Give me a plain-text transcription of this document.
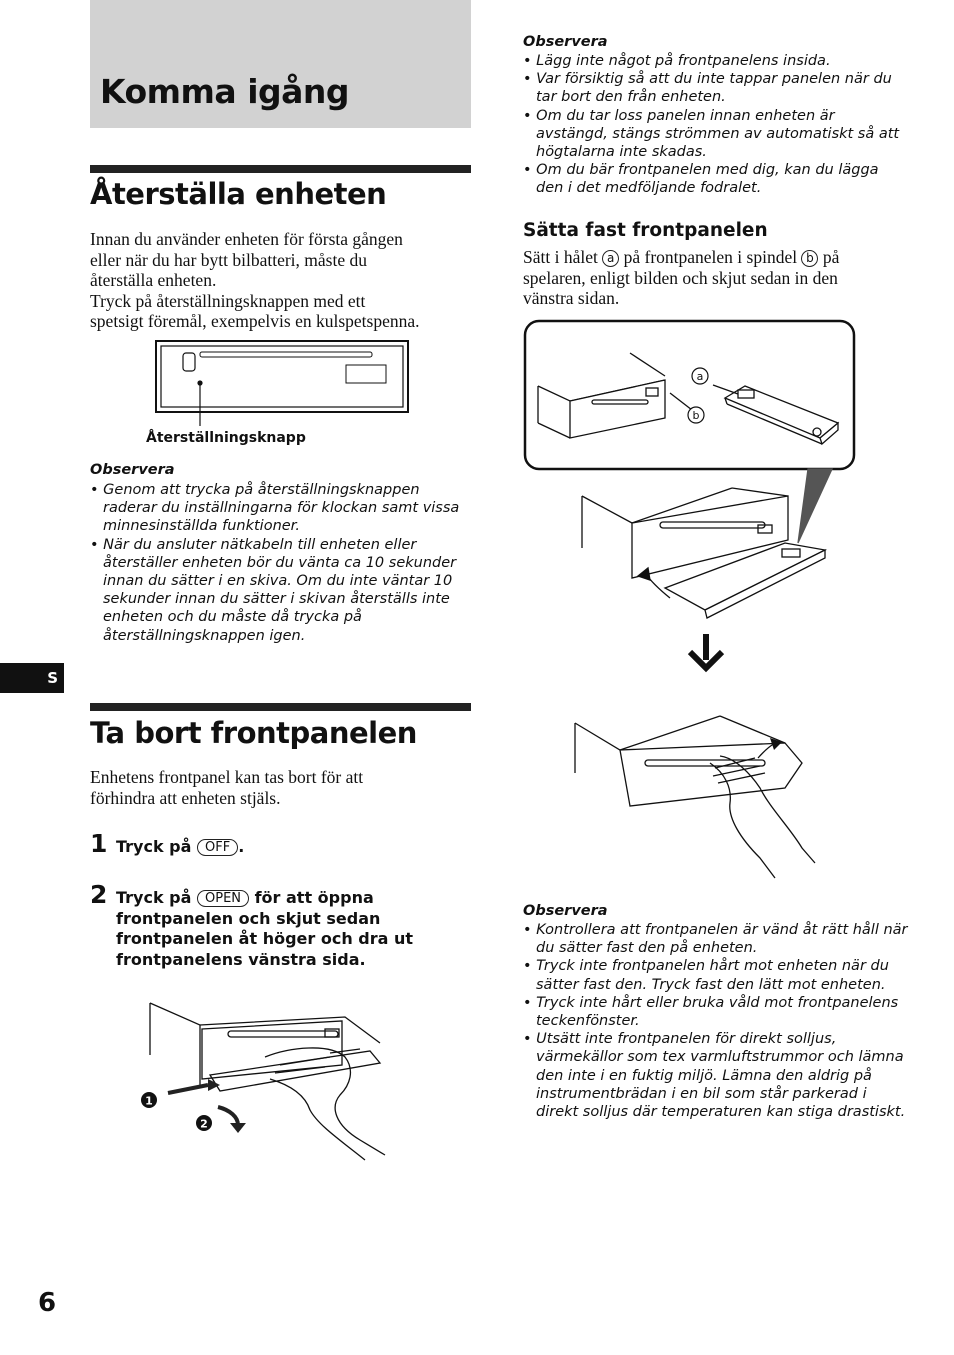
Komma igång
Återställa enheten
Innan du använder enheten för första gången
eller när du har bytt bilbatteri, måste du
återställa enheten.
Tryck på återställningsknappen med ett
spetsigt föremål, exempelvis en kulspetspenna.
Återställningsknapp
Observera
• Genom att trycka på återställningsknappen raderar du inställningarna för klockan samt vissa minnesinställda funktioner.
• När du ansluter nätkabeln till enheten eller återställer enheten bör du vänta ca 10 sekunder innan du sätter i en skiva. Om du inte väntar 10 sekunder innan du sätter i skivan återställs inte enheten och du måste då trycka på återställningsknappen igen.
S
Ta bort frontpanelen
Enhetens frontpanel kan tas bort för att
förhindra att enheten stjäls.
1 Tryck på OFF .
2 Tryck på OPEN för att öppna
frontpanelen och skjut sedan
frontpanelen åt höger och dra ut
frontpanelens vänstra sida.
1
2
Observera
• Lägg inte något på frontpanelens insida.
• Var försiktig så att du inte tappar panelen när du tar bort den från enheten.
• Om du tar loss panelen innan enheten är avstängd, stängs strömmen av automatiskt så att högtalarna inte skadas.
• Om du bär frontpanelen med dig, kan du lägga den i det medföljande fodralet.
Sätta fast frontpanelen
Sätt i hålet a på frontpanelen i spindel b på
spelaren, enligt bilden och skjut sedan in den
vänstra sidan.
a
b
Observera
• Kontrollera att frontpanelen är vänd åt rätt håll när du sätter fast den på enheten.
• Tryck inte frontpanelen hårt mot enheten när du sätter fast den. Tryck fast den lätt mot enheten.
• Tryck inte hårt eller bruka våld mot frontpanelens teckenfönster.
• Utsätt inte frontpanelen för direkt solljus, värmekällor som tex varmluftstrummor och lämna den inte i en fuktig miljö. Lämna den aldrig på instrumentbrädan i en bil som står parkerad i direkt solljus där temperaturen kan stiga drastiskt.
6
